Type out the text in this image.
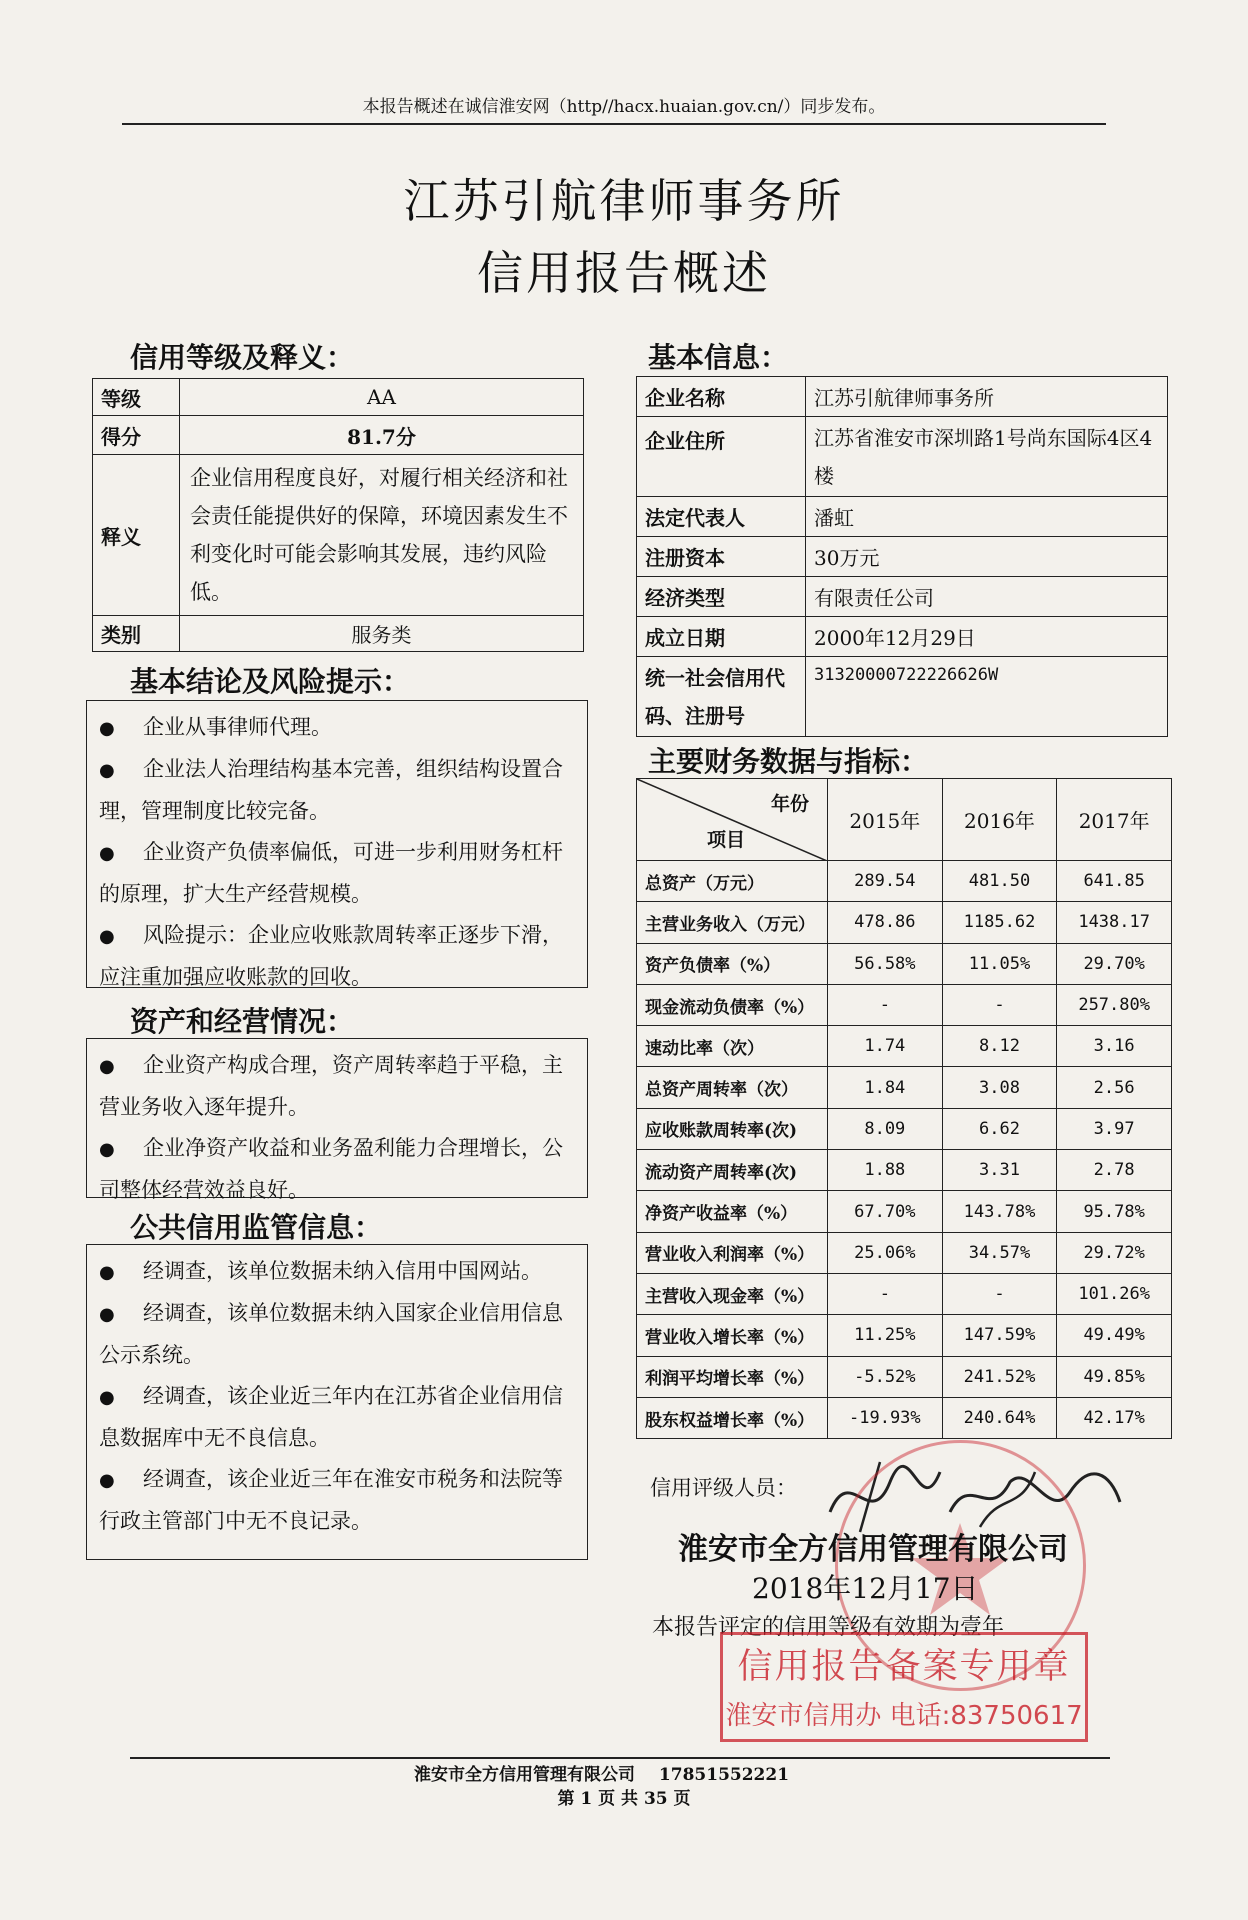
本报告概述在诚信淮安网（http//hacx.huaian.gov.cn/）同步发布。
江苏引航律师事务所
信用报告概述
信用等级及释义：
等级	AA
得分	81.7分
释义	企业信用程度良好，对履行相关经济和社会责任能提供好的保障，环境因素发生不利变化时可能会影响其发展，违约风险低。
类别	服务类
基本结论及风险提示：

● 企业从事律师代理。

● 企业法人治理结构基本完善，组织结构设置合理，管理制度比较完备。

● 企业资产负债率偏低，可进一步利用财务杠杆的原理，扩大生产经营规模。

● 风险提示：企业应收账款周转率正逐步下滑，应注重加强应收账款的回收。

资产和经营情况：

● 企业资产构成合理，资产周转率趋于平稳，主营业务收入逐年提升。

● 企业净资产收益和业务盈利能力合理增长，公司整体经营效益良好。

公共信用监管信息：

● 经调查，该单位数据未纳入信用中国网站。

● 经调查，该单位数据未纳入国家企业信用信息公示系统。

● 经调查，该企业近三年内在江苏省企业信用信息数据库中无不良信息。

● 经调查，该企业近三年在淮安市税务和法院等行政主管部门中无不良记录。

基本信息：
企业名称	江苏引航律师事务所
企业住所	江苏省淮安市深圳路1号尚东国际4区4楼
法定代表人	潘虹
注册资本	30万元
经济类型	有限责任公司
成立日期	2000年12月29日
统一社会信用代码、注册号	31320000722226626W
主要财务数据与指标：
年份
项目	2015年	2016年	2017年
总资产（万元）	289.54	481.50	641.85
主营业务收入（万元）	478.86	1185.62	1438.17
资产负债率（%）	56.58%	11.05%	29.70%
现金流动负债率（%）	-	-	257.80%
速动比率（次）	1.74	8.12	3.16
总资产周转率（次）	1.84	3.08	2.56
应收账款周转率(次)	8.09	6.62	3.97
流动资产周转率(次)	1.88	3.31	2.78
净资产收益率（%）	67.70%	143.78%	95.78%
营业收入利润率（%）	25.06%	34.57%	29.72%
主营收入现金率（%）	-	-	101.26%
营业收入增长率（%）	11.25%	147.59%	49.49%
利润平均增长率（%）	-5.52%	241.52%	49.85%
股东权益增长率（%）	-19.93%	240.64%	42.17%
信用评级人员：
淮安市全方信用管理有限公司
2018年12月17日
本报告评定的信用等级有效期为壹年
信用报告备案专用章
淮安市信用办 电话:83750617
淮安市全方信用管理有限公司 17851552221
第 1 页 共 35 页
